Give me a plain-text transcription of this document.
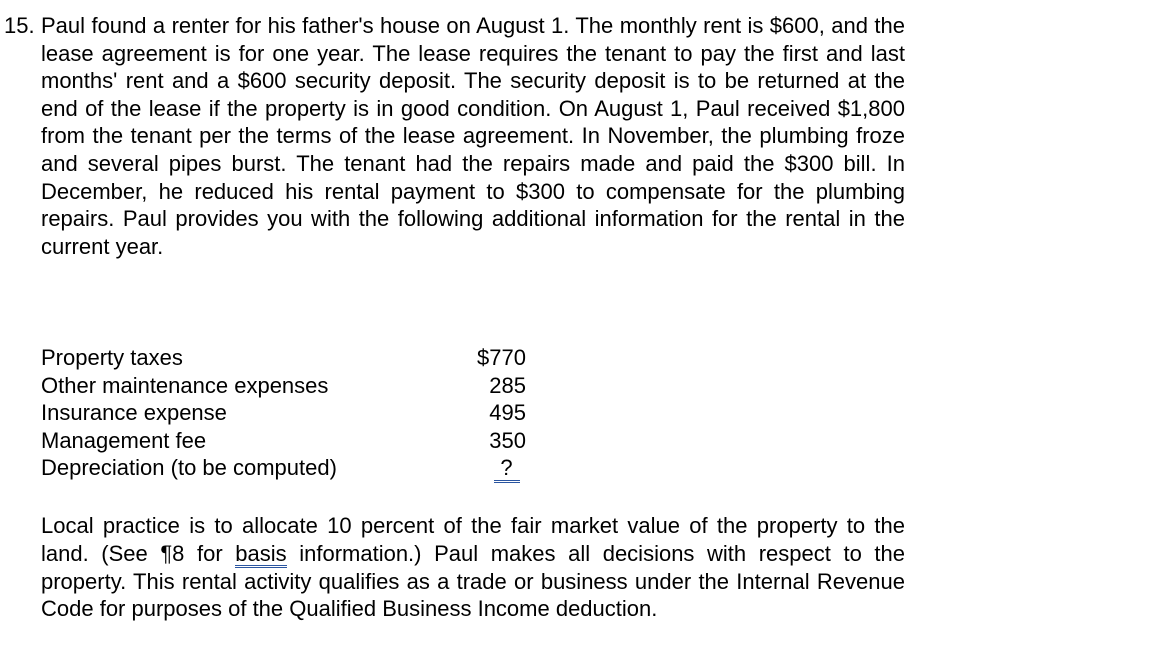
15. Paul found a renter for his father's house on August 1. The monthly rent is $600, and the lease agreement is for one year. The lease requires the tenant to pay the first and last months' rent and a $600 security deposit. The security deposit is to be returned at the end of the lease if the property is in good condition. On August 1, Paul received $1,800 from the tenant per the terms of the lease agreement. In November, the plumbing froze and several pipes burst. The tenant had the repairs made and paid the $300 bill. In December, he reduced his rental payment to $300 to compensate for the plumbing repairs. Paul provides you with the following additional information for the rental in the current year.

Property taxes	$770
Other maintenance expenses	285
Insurance expense	495
Management fee	350
Depreciation (to be computed)	?

Local practice is to allocate 10 percent of the fair market value of the property to the land. (See ¶8 for basis information.) Paul makes all decisions with respect to the property. This rental activity qualifies as a trade or business under the Internal Revenue Code for purposes of the Qualified Business Income deduction.
